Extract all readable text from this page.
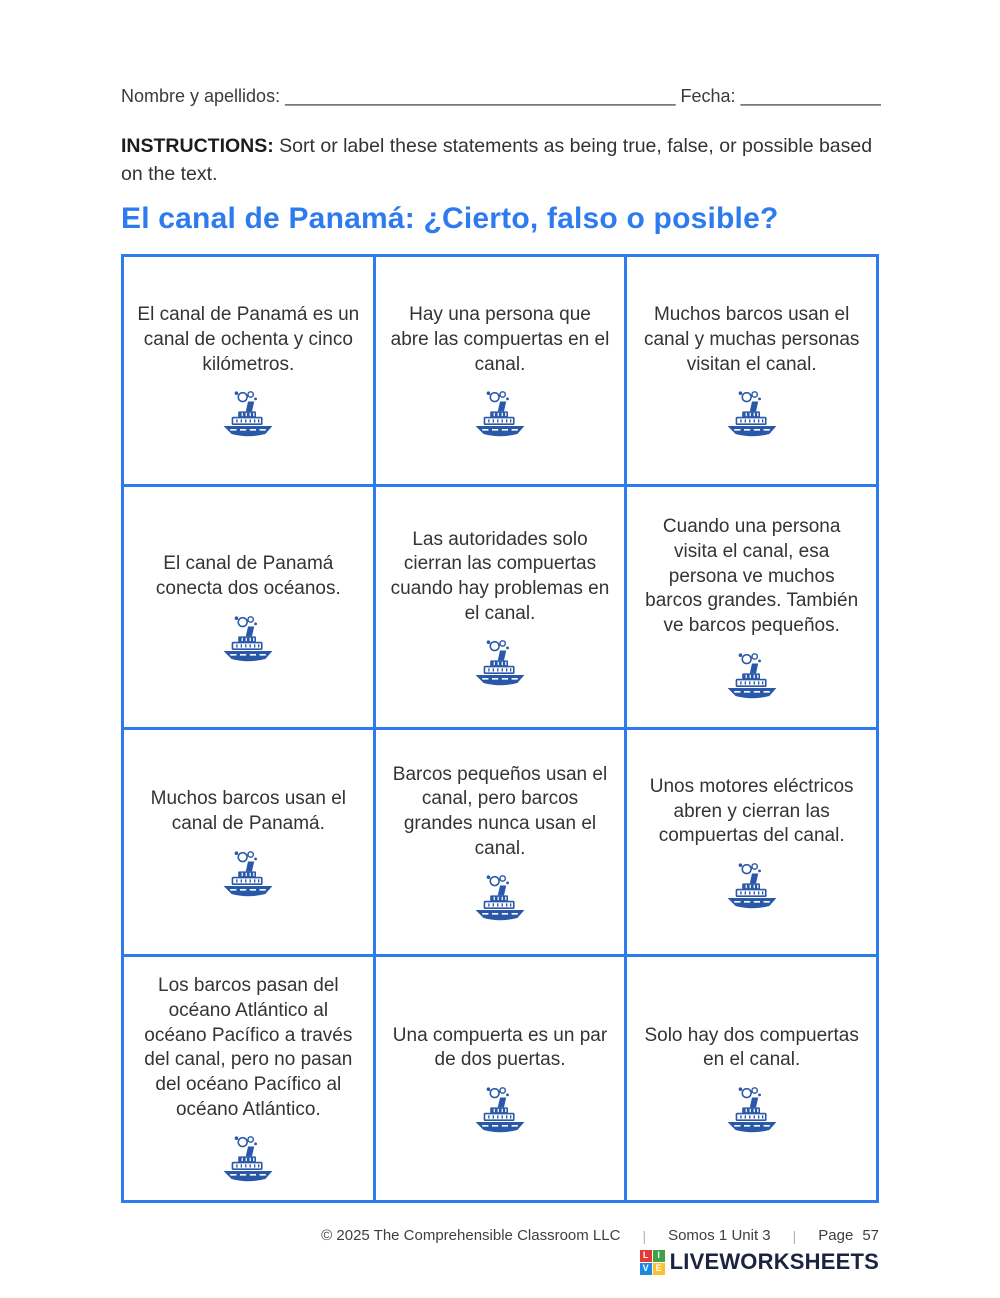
Nombre y apellidos: _______________________________________ Fecha: ______________

INSTRUCTIONS: Sort or label these statements as being true, false, or possible based on the text.

El canal de Panamá: ¿Cierto, falso o posible?

El canal de Panamá es un canal de ochenta y cinco kilómetros.

Hay una persona que abre las compuertas en el canal.

Muchos barcos usan el canal y muchas personas visitan el canal.

El canal de Panamá conecta dos océanos.

Las autoridades solo cierran las compuertas cuando hay problemas en el canal.

Cuando una persona visita el canal, esa persona ve muchos barcos grandes. También ve barcos pequeños.

Muchos barcos usan el canal de Panamá.

Barcos pequeños usan el canal, pero barcos grandes nunca usan el canal.

Unos motores eléctricos abren y cierran las compuertas del canal.

Los barcos pasan del océano Atlántico al océano Pacífico a través del canal, pero no pasan del océano Pacífico al océano Atlántico.

Una compuerta es un par de dos puertas.

Solo hay dos compuertas en el canal.

© 2025 The Comprehensible Classroom LLC | Somos 1 Unit 3 | Page 57
L I
V E LIVEWORKSHEETS
